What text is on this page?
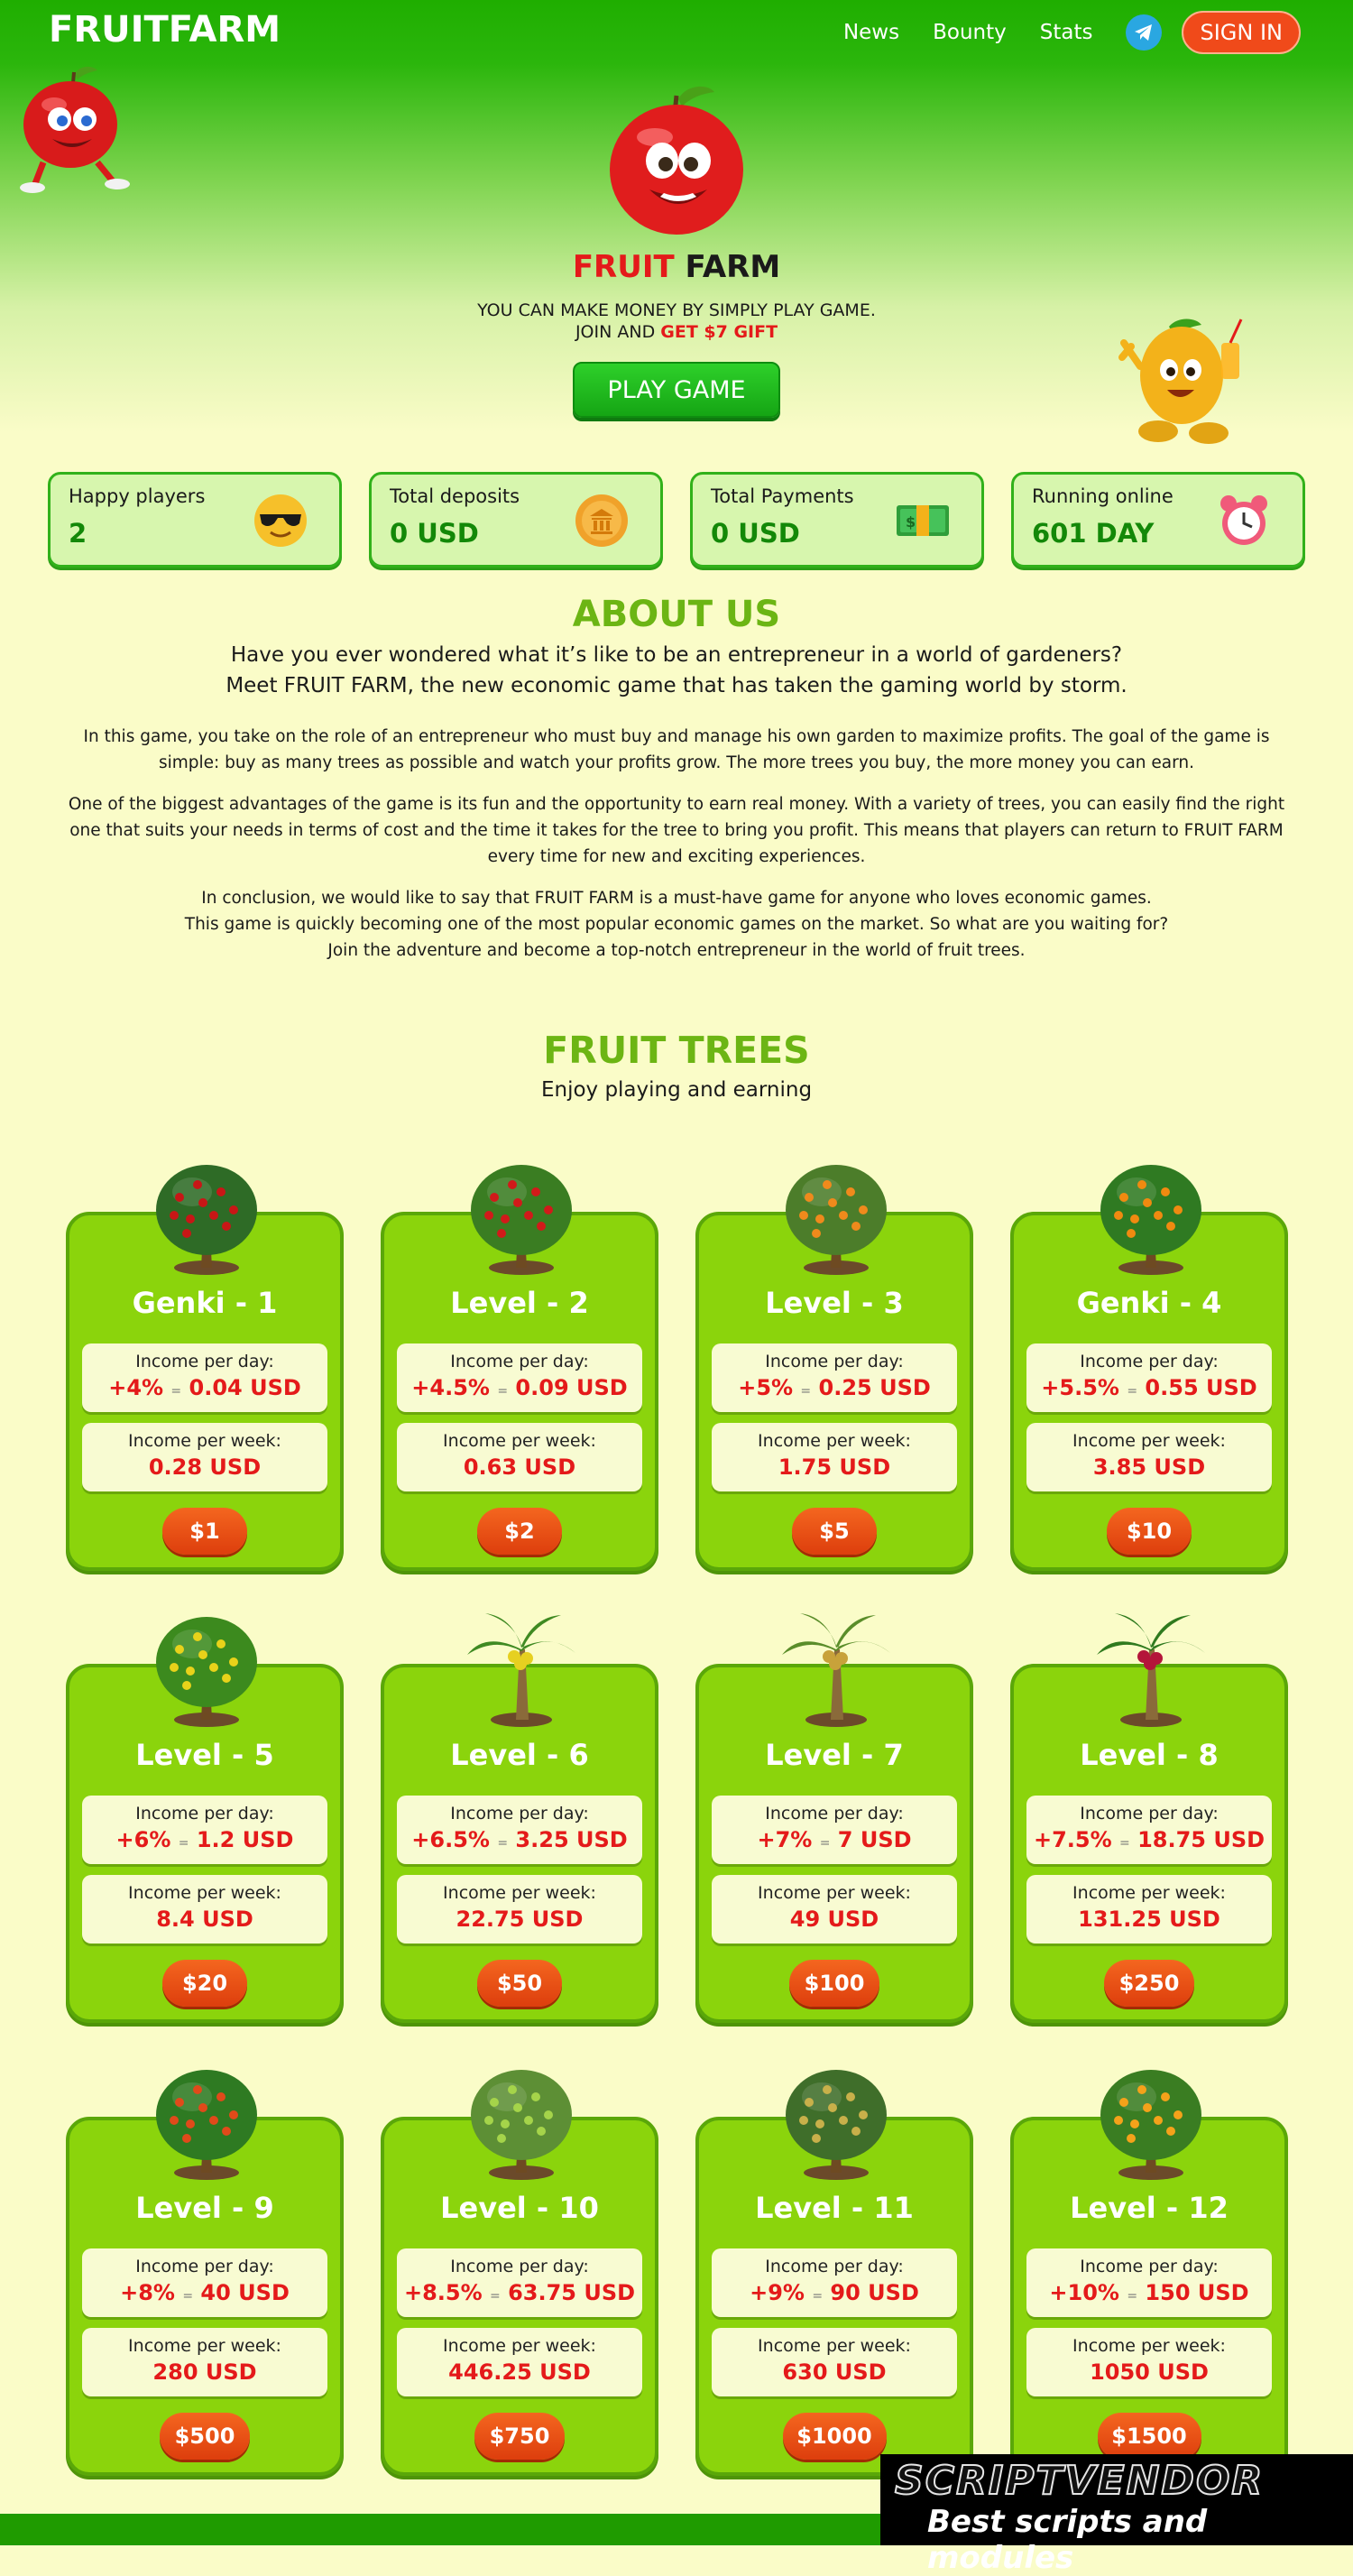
FRUITFARM	News Bounty Stats	SIGN IN
FRUIT FARM
YOU CAN MAKE MONEY BY SIMPLY PLAY GAME.
JOIN AND GET $7 GIFT
PLAY GAME
Happy players
2
Total deposits
0 USD
Total Payments
0 USD	$
Running online
601 DAY
ABOUT US
Have you ever wondered what it’s like to be an entrepreneur in a world of gardeners?
Meet FRUIT FARM, the new economic game that has taken the gaming world by storm.
In this game, you take on the role of an entrepreneur who must buy and manage his own garden to maximize profits. The goal of the game is simple: buy as many trees as possible and watch your profits grow. The more trees you buy, the more money you can earn.
One of the biggest advantages of the game is its fun and the opportunity to earn real money. With a variety of trees, you can easily find the right one that suits your needs in terms of cost and the time it takes for the tree to bring you profit. This means that players can return to FRUIT FARM every time for new and exciting experiences.
In conclusion, we would like to say that FRUIT FARM is a must-have game for anyone who loves economic games.
This game is quickly becoming one of the most popular economic games on the market. So what are you waiting for?
Join the adventure and become a top-notch entrepreneur in the world of fruit trees.
FRUIT TREES
Enjoy playing and earning
Genki - 1
Income per day:
+4% = 0.04 USD
Income per week:
0.28 USD
$1
Level - 2
Income per day:
+4.5% = 0.09 USD
Income per week:
0.63 USD
$2
Level - 3
Income per day:
+5% = 0.25 USD
Income per week:
1.75 USD
$5
Genki - 4
Income per day:
+5.5% = 0.55 USD
Income per week:
3.85 USD
$10
Level - 5
Income per day:
+6% = 1.2 USD
Income per week:
8.4 USD
$20
Level - 6
Income per day:
+6.5% = 3.25 USD
Income per week:
22.75 USD
$50
Level - 7
Income per day:
+7% = 7 USD
Income per week:
49 USD
$100
Level - 8
Income per day:
+7.5% = 18.75 USD
Income per week:
131.25 USD
$250
Level - 9
Income per day:
+8% = 40 USD
Income per week:
280 USD
$500
Level - 10
Income per day:
+8.5% = 63.75 USD
Income per week:
446.25 USD
$750
Level - 11
Income per day:
+9% = 90 USD
Income per week:
630 USD
$1000
Level - 12
Income per day:
+10% = 150 USD
Income per week:
1050 USD
$1500
SCRIPTVENDOR
Best scripts and modules
